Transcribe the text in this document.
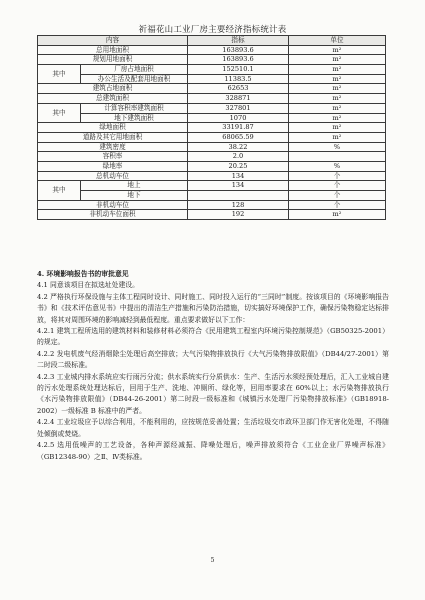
祈福花山工业厂房主要经济指标统计表
内容		指标	单位
总用地面积		163893.6	m²
规划用地面积		163893.6	m²
其中	厂房占地面积	152510.1	m²
	办公生活及配套用地面积	11383.5	m²
建筑占地面积		62653	m²
总建筑面积		328871	m²
其中	计算容积率建筑面积	327801	m²
	地下建筑面积	1070	m²
绿地面积		33191.87	m²
道路及其它用地面积		68065.59	m²
建筑密度		38.22	%
容积率		2.0	
绿地率		20.25	%
总机动车位		134	个
其中	地上	134	个
	地下		个
非机动车位		128	个
非机动车位面积		192	m²

4. 环境影响报告书的审批意见

4.1 同意该项目在拟选址处建设。

4.2 严格执行环保设施与主体工程同时设计、同时施工、同时投入运行的“三同时”制度。按该项目的《环境影响报告书》和《技术评估意见书》中提出的清洁生产措施和污染防治措施，切实搞好环境保护工作，确保污染物稳定达标排放，将其对周围环境的影响减轻到最低程度。重点要求做好以下工作：

4.2.1 建筑工程所选用的建筑材料和装修材料必须符合《民用建筑工程室内环境污染控制规范》（GB50325-2001）的规定。

4.2.2 发电机废气经消烟除尘处理后高空排放；大气污染物排放执行《大气污染物排放限值》（DB44/27-2001）第二时段二级标准。

4.2.3 工业城内排水系统应实行雨污分流；供水系统实行分质供水：生产、生活污水须经预处理后，汇入工业城自建的污水处理系统处理达标后，回用于生产、洗地、冲厕所、绿化等，回用率要求在 60%以上；水污染物排放执行《水污染物排放限值》（DB44-26-2001）第二时段一级标准和《城镇污水处理厂污染物排放标准》（GB18918-2002）一级标准 B 标准中的严者。

4.2.4 工业垃圾应予以综合利用，不能利用的，应按规范妥善处置；生活垃圾交市政环卫部门作无害化处理，不得随处倾倒或焚烧。

4.2.5 选用低噪声的工艺设备，各种声源经减振、降噪处理后，噪声排放须符合《工业企业厂界噪声标准》（GB12348-90）之Ⅱ、Ⅳ类标准。

5
